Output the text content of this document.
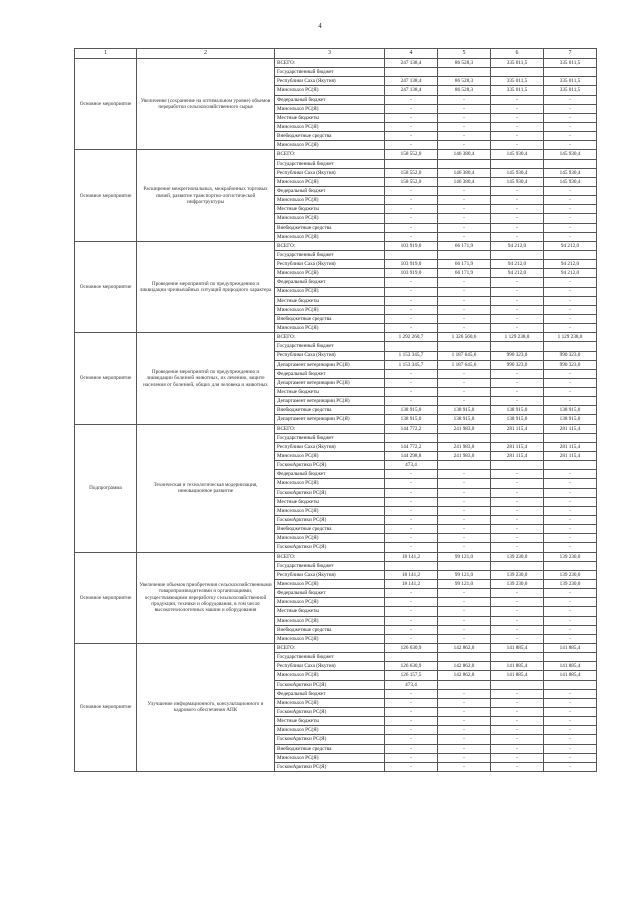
4
1	2	3	4	5	6	7
Основное мероприятие	Увеличение (сохранение на оптимальном уровне) объемов переработки сельскохозяйственного сырья	ВСЕГО:	247 138,4	86 528,3	335 011,5	335 011,5
		Государственный бюджет				
		Республики Саха (Якутия)	247 138,4	86 528,3	335 011,5	335 011,5
		Минсельхоз РС(Я)	247 138,4	86 528,3	335 011,5	335 011,5
		Федеральный бюджет	-	-	-	-
		Минсельхоз РС(Я)	-	-	-	-
		Местные бюджеты	-	-	-	-
		Минсельхоз РС(Я)	-	-	-	-
		Внебюджетные средства	-	-	-	-
		Минсельхоз РС(Я)	-	-	-	-
Основное мероприятие	Расширение межрегиональных, межрайонных торговых связей, развитие транспортно-логистической инфраструктуры	ВСЕГО:	158 552,0	146 380,4	145 930,4	145 930,4
		Государственный бюджет				
		Республики Саха (Якутия)	158 552,0	146 380,4	145 930,4	145 930,4
		Минсельхоз РС(Я)	158 552,0	146 380,4	145 930,4	145 930,4
		Федеральный бюджет	-	-	-	-
		Минсельхоз РС(Я)	-	-	-	-
		Местные бюджеты	-	-	-	-
		Минсельхоз РС(Я)	-	-	-	-
		Внебюджетные средства	-	-	-	-
		Минсельхоз РС(Я)	-	-	-	-
Основное мероприятие	Проведение мероприятий по предупреждению и ликвидации чрезвычайных ситуаций природного характера	ВСЕГО:	103 919,0	66 171,9	94 212,0	94 212,0
		Государственный бюджет				
		Республики Саха (Якутия)	103 919,0	66 171,9	94 212,0	94 212,0
		Минсельхоз РС(Я)	103 919,0	66 171,9	94 212,0	94 212,0
		Федеральный бюджет	-	-	-	-
		Минсельхоз РС(Я)	-	-	-	-
		Местные бюджеты	-	-	-	-
		Минсельхоз РС(Я)	-	-	-	-
		Внебюджетные средства	-	-	-	-
		Минсельхоз РС(Я)	-	-	-	-
Основное мероприятие	Проведение мероприятий по предупреждению и ликвидации болезней животных, их лечению, защите населения от болезней, общих для человека и животных	ВСЕГО:	1 292 260,7	1 326 560,6	1 129 238,0	1 129 238,0
		Государственный бюджет				
		Республики Саха (Якутия)	1 153 345,7	1 187 645,6	990 323,0	990 323,0
		Департамент ветеринарии РС(Я)	1 153 345,7	1 187 645,6	990 323,0	990 323,0
		Федеральный бюджет	-	-	-	-
		Департамент ветеринарии РС(Я)	-	-	-	-
		Местные бюджеты	-	-	-	-
		Департамент ветеринарии РС(Я)	-	-	-	-
		Внебюджетные средства	138 915,0	138 915,0	138 915,0	138 915,0
		Департамент ветеринарии РС(Я)	138 915,0	138 915,0	138 915,0	138 915,0
Подпрограмма	Техническая и технологическая модернизация, инновационное развитие	ВСЕГО:	144 772,2	241 983,0	281 115,4	281 115,4
		Государственный бюджет				
		Республики Саха (Якутия)	144 772,2	241 983,0	281 115,4	281 115,4
		Минсельхоз РС(Я)	144 298,8	241 983,0	281 115,4	281 115,4
		ГоскомАрктики РС(Я)	473,4			
		Федеральный бюджет	-	-	-	-
		Минсельхоз РС(Я)	-	-	-	-
		ГоскомАрктики РС(Я)	-	-	-	-
		Местные бюджеты	-	-	-	-
		Минсельхоз РС(Я)	-	-	-	-
		ГоскомАрктики РС(Я)	-	-	-	-
		Внебюджетные средства	-	-	-	-
		Минсельхоз РС(Я)	-	-	-	-
		ГоскомАрктики РС(Я)	-	-	-	-
Основное мероприятие	Увеличение объемов приобретения сельскохозяйственными товаропроизводителями и организациями, осуществляющими переработку сельскохозяйственной продукции, техники и оборудования, в том числе высокотехнологичных машин и оборудования	ВСЕГО:	18 141,2	99 121,0	139 230,0	139 230,0
		Государственный бюджет				
		Республики Саха (Якутия)	18 141,2	99 121,0	139 230,0	139 230,0
		Минсельхоз РС(Я)	18 141,2	99 121,0	139 230,0	139 230,0
		Федеральный бюджет	-	-	-	-
		Минсельхоз РС(Я)	-	-	-	-
		Местные бюджеты	-	-	-	-
		Минсельхоз РС(Я)	-	-	-	-
		Внебюджетные средства	-	-	-	-
		Минсельхоз РС(Я)	-	-	-	-
Основное мероприятие	Улучшение информационного, консультационного и кадрового обеспечения АПК	ВСЕГО:	126 630,9	142 862,0	141 885,4	141 885,4
		Государственный бюджет				
		Республики Саха (Якутия)	126 630,9	142 862,0	141 885,4	141 885,4
		Минсельхоз РС(Я)	126 157,5	142 862,0	141 885,4	141 885,4
		ГоскомАрктики РС(Я)	473,4			
		Федеральный бюджет	-	-	-	-
		Минсельхоз РС(Я)	-	-	-	-
		ГоскомАрктики РС(Я)	-	-	-	-
		Местные бюджеты	-	-	-	-
		Минсельхоз РС(Я)	-	-	-	-
		ГоскомАрктики РС(Я)	-	-	-	-
		Внебюджетные средства	-	-	-	-
		Минсельхоз РС(Я)	-	-	-	-
		ГоскомАрктики РС(Я)	-	-	-	-
